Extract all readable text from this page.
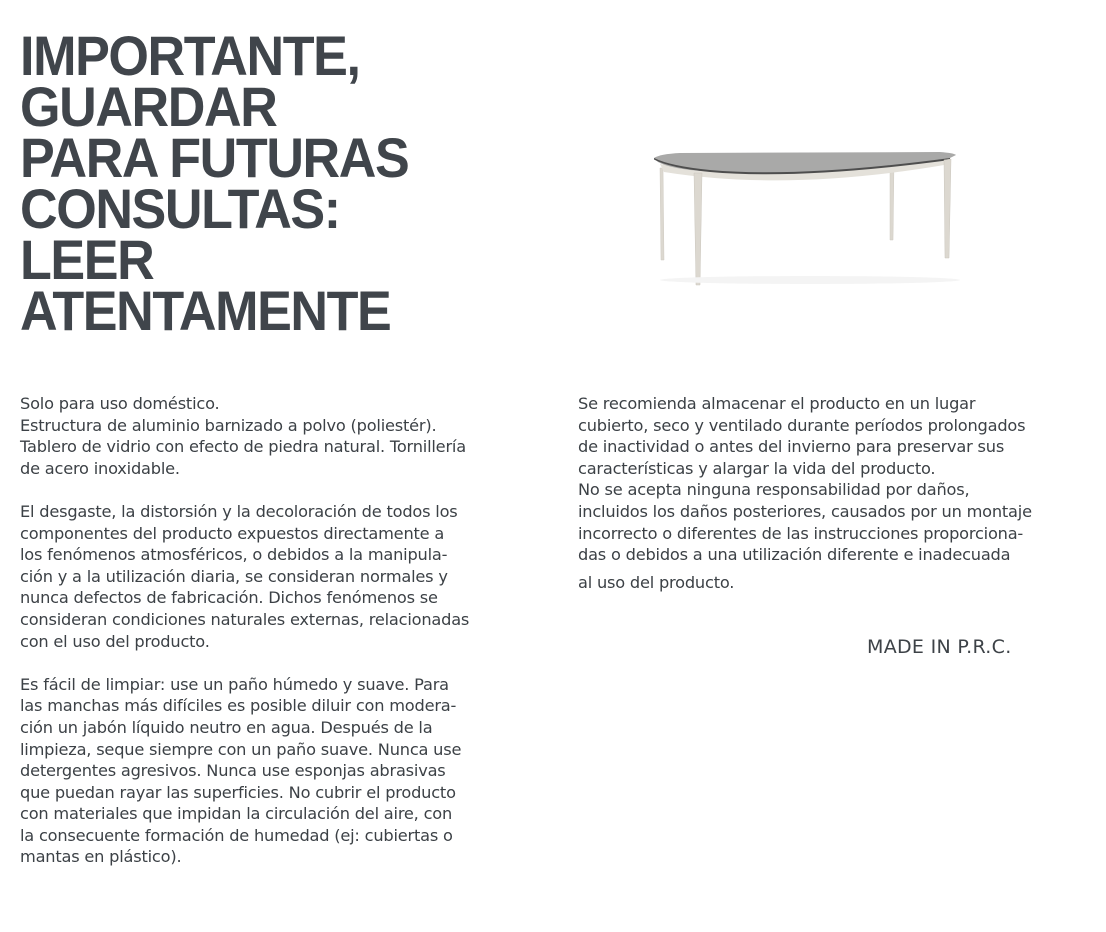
IMPORTANTE,
GUARDAR
PARA FUTURAS
CONSULTAS:
LEER
ATENTAMENTE

Solo para uso doméstico.
Estructura de aluminio barnizado a polvo (poliestér).
Tablero de vidrio con efecto de piedra natural. Tornillería
de acero inoxidable.

El desgaste, la distorsión y la decoloración de todos los
componentes del producto expuestos directamente a
los fenómenos atmosféricos, o debidos a la manipula-
ción y a la utilización diaria, se consideran normales y
nunca defectos de fabricación. Dichos fenómenos se
consideran condiciones naturales externas, relacionadas
con el uso del producto.

Es fácil de limpiar: use un paño húmedo y suave. Para
las manchas más difíciles es posible diluir con modera-
ción un jabón líquido neutro en agua. Después de la
limpieza, seque siempre con un paño suave. Nunca use
detergentes agresivos. Nunca use esponjas abrasivas
que puedan rayar las superficies. No cubrir el producto
con materiales que impidan la circulación del aire, con
la consecuente formación de humedad (ej: cubiertas o
mantas en plástico).

Se recomienda almacenar el producto en un lugar
cubierto, seco y ventilado durante períodos prolongados
de inactividad o antes del invierno para preservar sus
características y alargar la vida del producto.
No se acepta ninguna responsabilidad por daños,
incluidos los daños posteriores, causados por un montaje
incorrecto o diferentes de las instrucciones proporciona-
das o debidos a una utilización diferente e inadecuada
al uso del producto.

MADE IN P.R.C.
